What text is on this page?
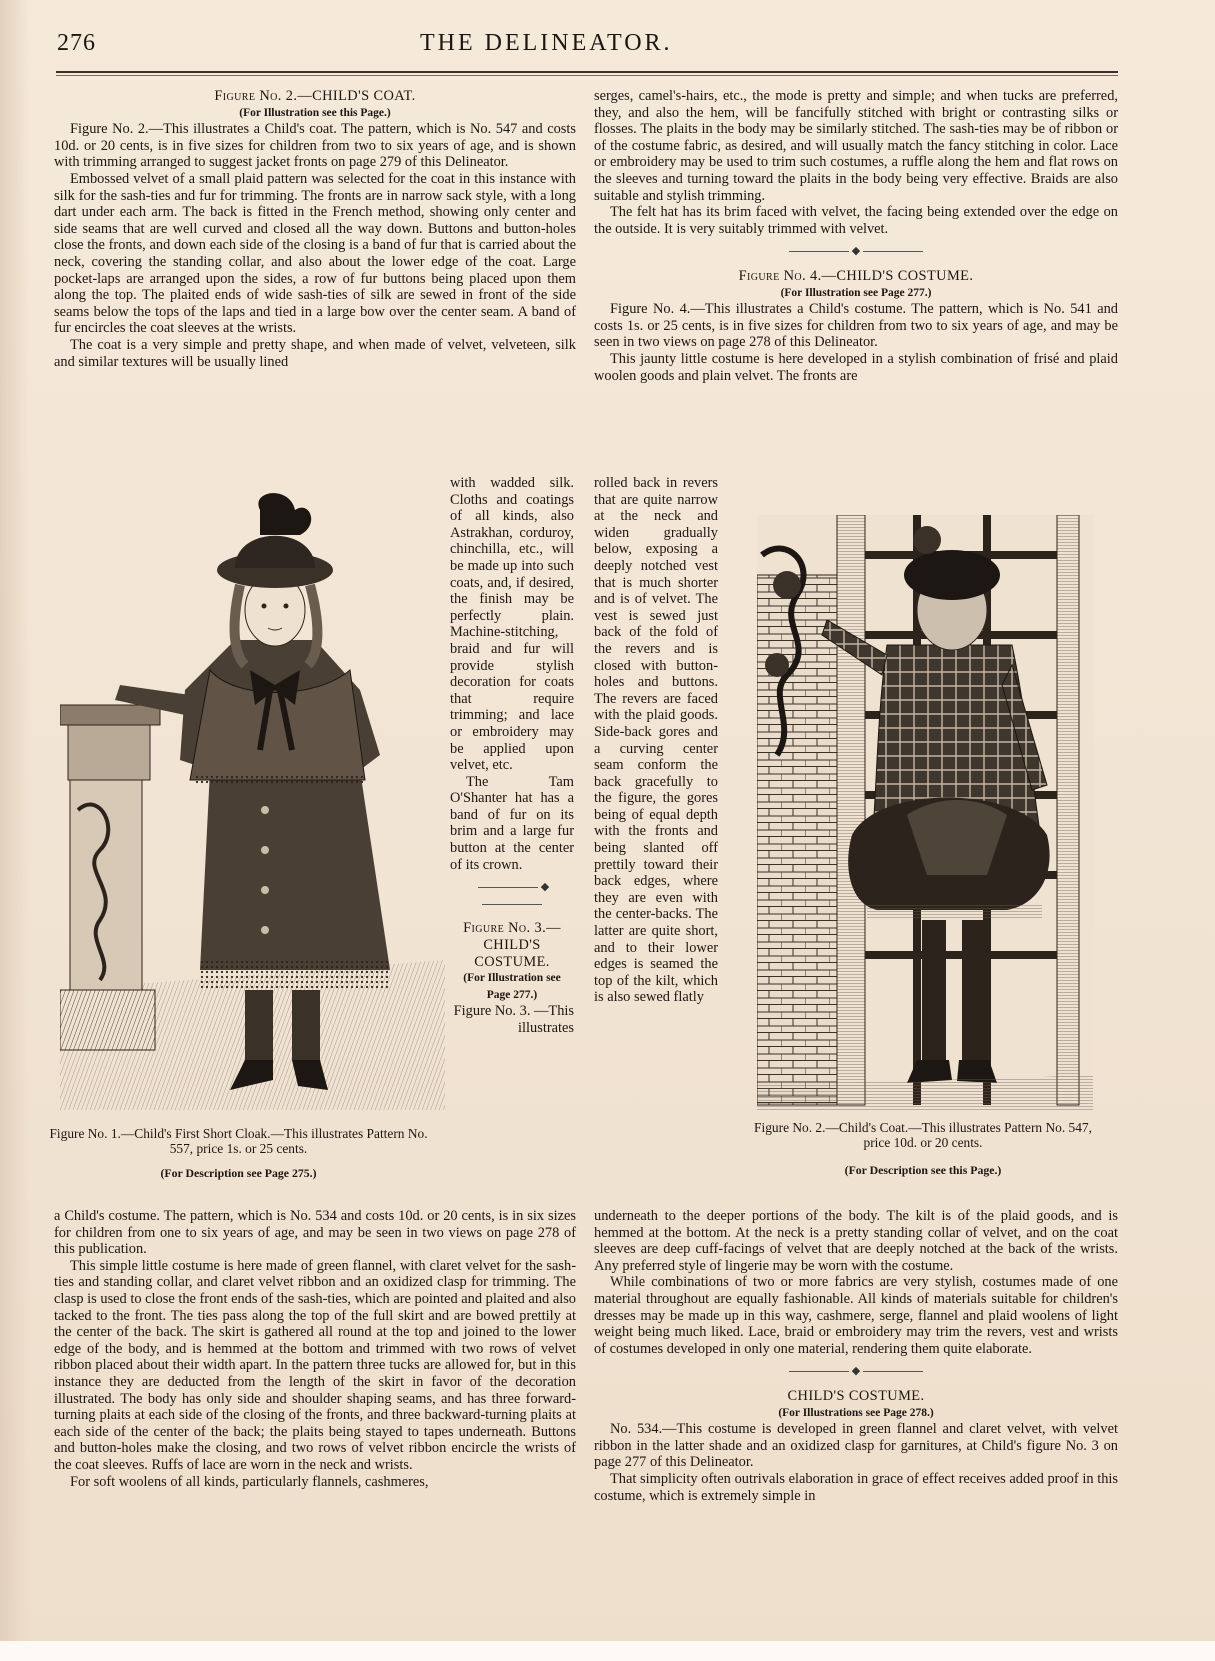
276	THE DELINEATOR.

Figure No. 2.—CHILD'S COAT.

(For Illustration see this Page.)

Figure No. 2.—This illustrates a Child's coat. The pattern, which is No. 547 and costs 10d. or 20 cents, is in five sizes for children from two to six years of age, and is shown with trimming arranged to suggest jacket fronts on page 279 of this Delineator.

Embossed velvet of a small plaid pattern was selected for the coat in this instance with silk for the sash-ties and fur for trimming. The fronts are in narrow sack style, with a long dart under each arm. The back is fitted in the French method, showing only center and side seams that are well curved and closed all the way down. Buttons and button-holes close the fronts, and down each side of the closing is a band of fur that is carried about the neck, covering the standing collar, and also about the lower edge of the coat. Large pocket-laps are arranged upon the sides, a row of fur buttons being placed upon them along the top. The plaited ends of wide sash-ties of silk are sewed in front of the side seams below the tops of the laps and tied in a large bow over the center seam. A band of fur encircles the coat sleeves at the wrists.

The coat is a very simple and pretty shape, and when made of velvet, velveteen, silk and similar textures will be usually lined

Figure No. 1.—Child's First Short Cloak.—This illustrates Pattern No. 557, price 1s. or 25 cents.
(For Description see Page 275.)

with wadded silk. Cloths and coatings of all kinds, also Astrakhan, corduroy, chinchilla, etc., will be made up into such coats, and, if desired, the finish may be perfectly plain. Machine-stitching, braid and fur will provide stylish decoration for coats that require trimming; and lace or embroidery may be applied upon velvet, etc.

The Tam O'Shanter hat has a band of fur on its brim and a large fur button at the center of its crown.

◆

Figure No. 3.— CHILD'S COSTUME.

(For Illustration see Page 277.)

Figure No. 3. —This illustrates

a Child's costume. The pattern, which is No. 534 and costs 10d. or 20 cents, is in six sizes for children from one to six years of age, and may be seen in two views on page 278 of this publication.

This simple little costume is here made of green flannel, with claret velvet for the sash-ties and standing collar, and claret velvet ribbon and an oxidized clasp for trimming. The clasp is used to close the front ends of the sash-ties, which are pointed and plaited and also tacked to the front. The ties pass along the top of the full skirt and are bowed prettily at the center of the back. The skirt is gathered all round at the top and joined to the lower edge of the body, and is hemmed at the bottom and trimmed with two rows of velvet ribbon placed about their width apart. In the pattern three tucks are allowed for, but in this instance they are deducted from the length of the skirt in favor of the decoration illustrated. The body has only side and shoulder shaping seams, and has three forward-turning plaits at each side of the closing of the fronts, and three backward-turning plaits at each side of the center of the back; the plaits being stayed to tapes underneath. Buttons and button-holes make the closing, and two rows of velvet ribbon encircle the wrists of the coat sleeves. Ruffs of lace are worn in the neck and wrists.

For soft woolens of all kinds, particularly flannels, cashmeres,

serges, camel's-hairs, etc., the mode is pretty and simple; and when tucks are preferred, they, and also the hem, will be fancifully stitched with bright or contrasting silks or flosses. The plaits in the body may be similarly stitched. The sash-ties may be of ribbon or of the costume fabric, as desired, and will usually match the fancy stitching in color. Lace or embroidery may be used to trim such costumes, a ruffle along the hem and flat rows on the sleeves and turning toward the plaits in the body being very effective. Braids are also suitable and stylish trimming.

The felt hat has its brim faced with velvet, the facing being extended over the edge on the outside. It is very suitably trimmed with velvet.

◆

Figure No. 4.—CHILD'S COSTUME.

(For Illustration see Page 277.)

Figure No. 4.—This illustrates a Child's costume. The pattern, which is No. 541 and costs 1s. or 25 cents, is in five sizes for children from two to six years of age, and may be seen in two views on page 278 of this Delineator.

This jaunty little costume is here developed in a stylish combination of frisé and plaid woolen goods and plain velvet. The fronts are

rolled back in revers that are quite narrow at the neck and widen gradually below, exposing a deeply notched vest that is much shorter and is of velvet. The vest is sewed just back of the fold of the revers and is closed with button-holes and buttons. The revers are faced with the plaid goods. Side-back gores and a curving center seam conform the back gracefully to the figure, the gores being of equal depth with the fronts and being slanted off prettily toward their back edges, where they are even with the center-backs. The latter are quite short, and to their lower edges is seamed the top of the kilt, which is also sewed flatly

Figure No. 2.—Child's Coat.—This illustrates Pattern No. 547, price 10d. or 20 cents.
(For Description see this Page.)

underneath to the deeper portions of the body. The kilt is of the plaid goods, and is hemmed at the bottom. At the neck is a pretty standing collar of velvet, and on the coat sleeves are deep cuff-facings of velvet that are deeply notched at the back of the wrists. Any preferred style of lingerie may be worn with the costume.

While combinations of two or more fabrics are very stylish, costumes made of one material throughout are equally fashionable. All kinds of materials suitable for children's dresses may be made up in this way, cashmere, serge, flannel and plaid woolens of light weight being much liked. Lace, braid or embroidery may trim the revers, vest and wrists of costumes developed in only one material, rendering them quite elaborate.

◆

CHILD'S COSTUME.

(For Illustrations see Page 278.)

No. 534.—This costume is developed in green flannel and claret velvet, with velvet ribbon in the latter shade and an oxidized clasp for garnitures, at Child's figure No. 3 on page 277 of this Delineator.

That simplicity often outrivals elaboration in grace of effect receives added proof in this costume, which is extremely simple in
